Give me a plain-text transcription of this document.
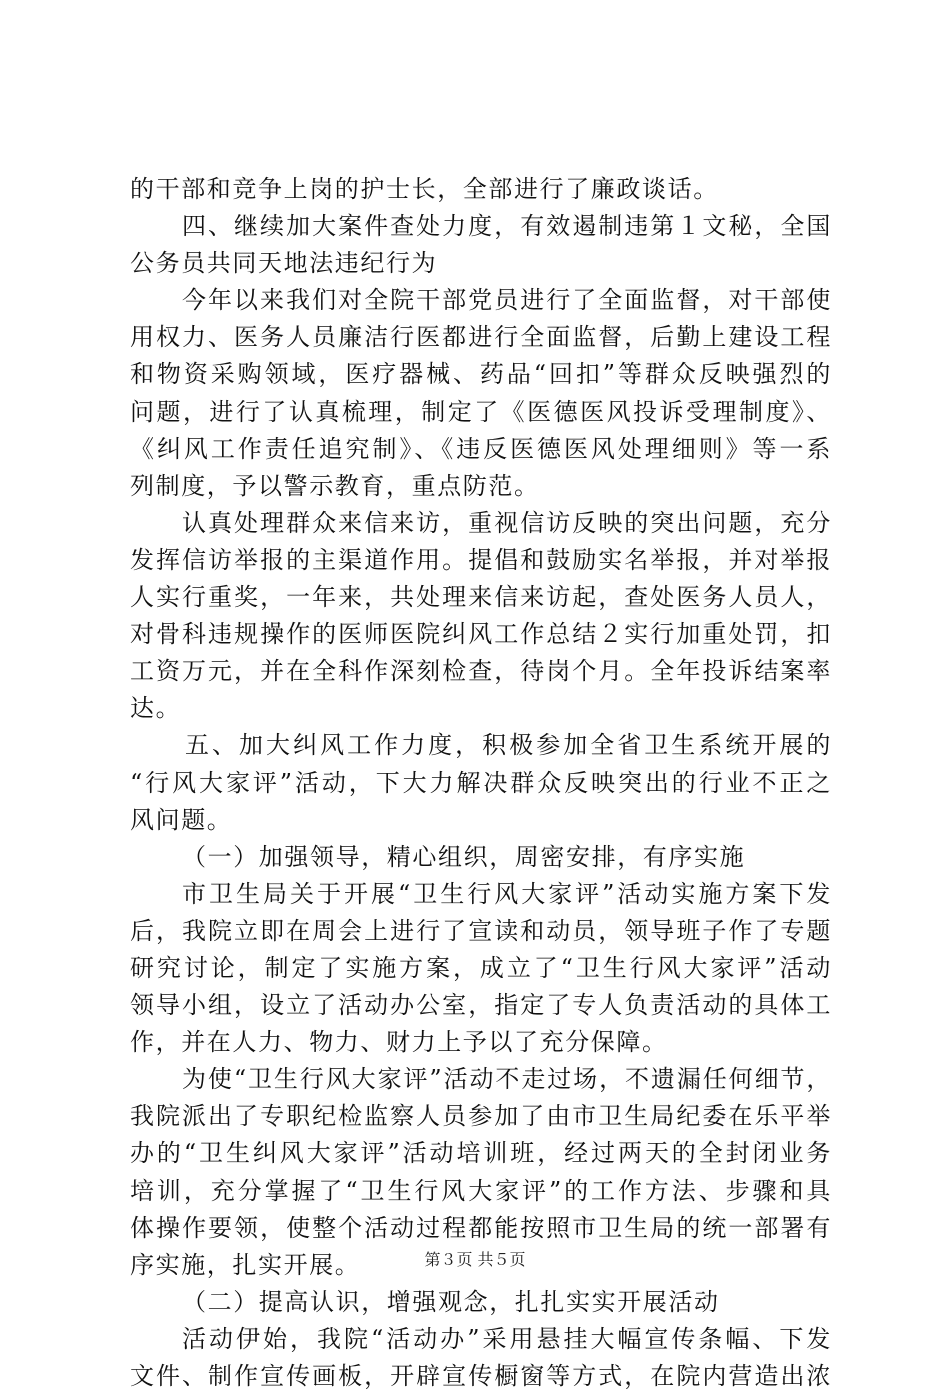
的干部和竞争上岗的护士长，全部进行了廉政谈话。
四、继续加大案件查处力度，有效遏制违第１文秘，全国
公务员共同天地法违纪行为
今年以来我们对全院干部党员进行了全面监督，对干部使
用权力、医务人员廉洁行医都进行全面监督，后勤上建设工程
和物资采购领域，医疗器械、药品“回扣”等群众反映强烈的
问题，进行了认真梳理，制定了《医德医风投诉受理制度》、
《纠风工作责任追究制》、《违反医德医风处理细则》等一系
列制度，予以警示教育，重点防范。
认真处理群众来信来访，重视信访反映的突出问题，充分
发挥信访举报的主渠道作用。提倡和鼓励实名举报，并对举报
人实行重奖，一年来，共处理来信来访起，查处医务人员人，
对骨科违规操作的医师医院纠风工作总结２实行加重处罚，扣
工资万元，并在全科作深刻检查，待岗个月。全年投诉结案率
达。
五、加大纠风工作力度，积极参加全省卫生系统开展的
“行风大家评”活动，下大力解决群众反映突出的行业不正之
风问题。
（一）加强领导，精心组织，周密安排，有序实施
市卫生局关于开展“卫生行风大家评”活动实施方案下发
后，我院立即在周会上进行了宣读和动员，领导班子作了专题
研究讨论，制定了实施方案，成立了“卫生行风大家评”活动
领导小组，设立了活动办公室，指定了专人负责活动的具体工
作，并在人力、物力、财力上予以了充分保障。
为使“卫生行风大家评”活动不走过场，不遗漏任何细节，
我院派出了专职纪检监察人员参加了由市卫生局纪委在乐平举
办的“卫生纠风大家评”活动培训班，经过两天的全封闭业务
培训，充分掌握了“卫生行风大家评”的工作方法、步骤和具
体操作要领，使整个活动过程都能按照市卫生局的统一部署有
序实施，扎实开展。
（二）提高认识，增强观念，扎扎实实开展活动
活动伊始，我院“活动办”采用悬挂大幅宣传条幅、下发
文件、制作宣传画板，开辟宣传橱窗等方式，在院内营造出浓
第３页 共５页
